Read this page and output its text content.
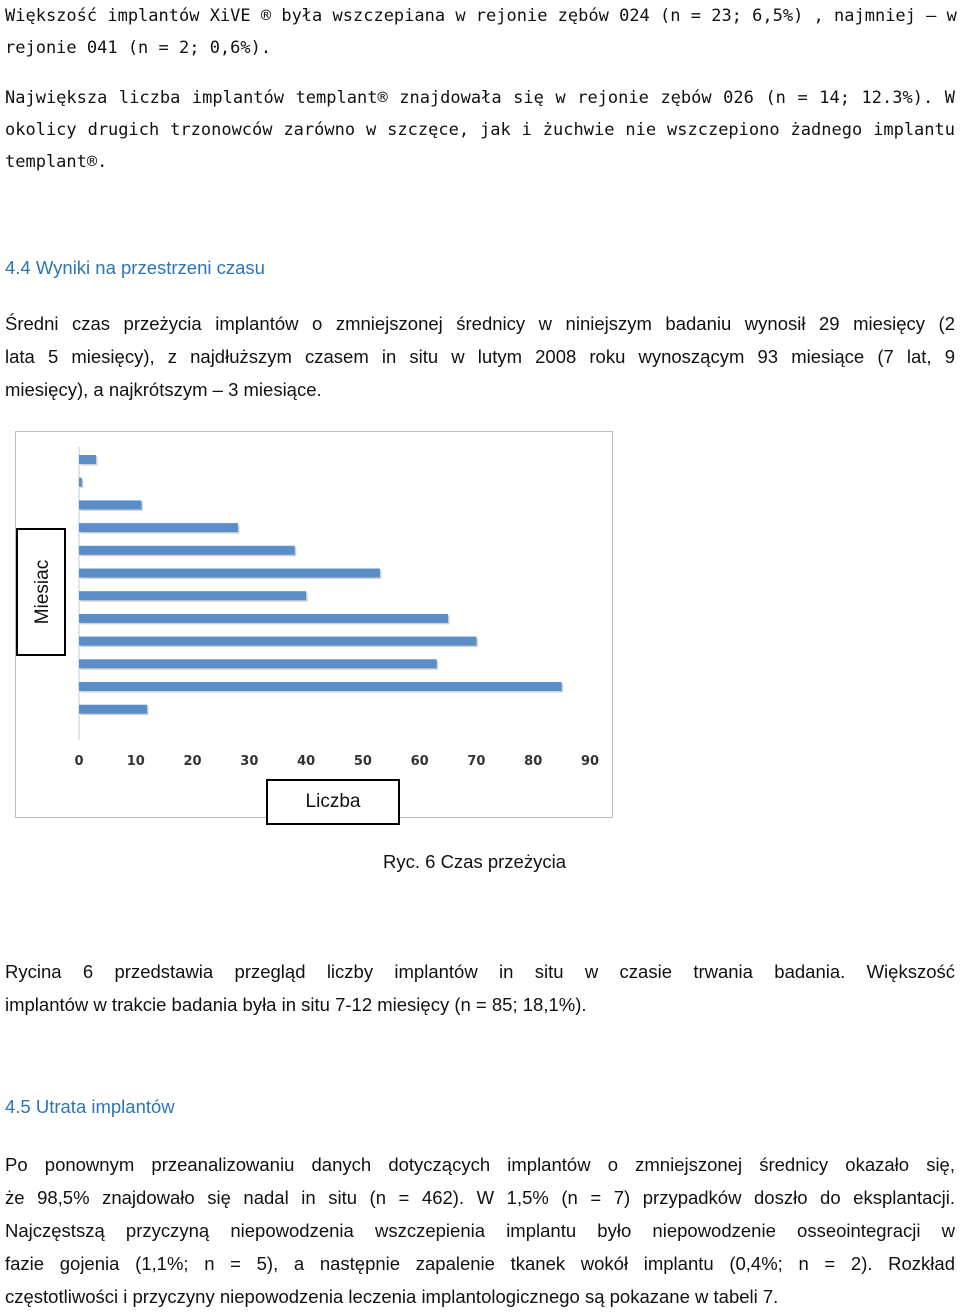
Większość implantów XiVE ® była wszczepiana w rejonie zębów 024 (n = 23; 6,5%) , najmniej – w
rejonie 041 (n = 2; 0,6%).
Największa liczba implantów templant® znajdowała się w rejonie zębów 026 (n = 14; 12.3%). W
okolicy drugich trzonowców zarówno w szczęce, jak i żuchwie nie wszczepiono żadnego implantu
templant®.
4.4 Wyniki na przestrzeni czasu
Średni czas przeżycia implantów o zmniejszonej średnicy w niniejszym badaniu wynosił 29 miesięcy (2
lata 5 miesięcy), z najdłuższym czasem in situ w lutym 2008 roku wynoszącym 93 miesiące (7 lat, 9
miesięcy), a najkrótszym – 3 miesiące.
0	10	20	30	40	50	60	70	80	90
Miesiac
Liczba
Ryc. 6 Czas przeżycia
Rycina 6 przedstawia przegląd liczby implantów in situ w czasie trwania badania. Większość
implantów w trakcie badania była in situ 7-12 miesięcy (n = 85; 18,1%).
4.5 Utrata implantów
Po ponownym przeanalizowaniu danych dotyczących implantów o zmniejszonej średnicy okazało się,
że 98,5% znajdowało się nadal in situ (n = 462). W 1,5% (n = 7) przypadków doszło do eksplantacji.
Najczęstszą przyczyną niepowodzenia wszczepienia implantu było niepowodzenie osseointegracji w
fazie gojenia (1,1%; n = 5), a następnie zapalenie tkanek wokół implantu (0,4%; n = 2). Rozkład
częstotliwości i przyczyny niepowodzenia leczenia implantologicznego są pokazane w tabeli 7.
